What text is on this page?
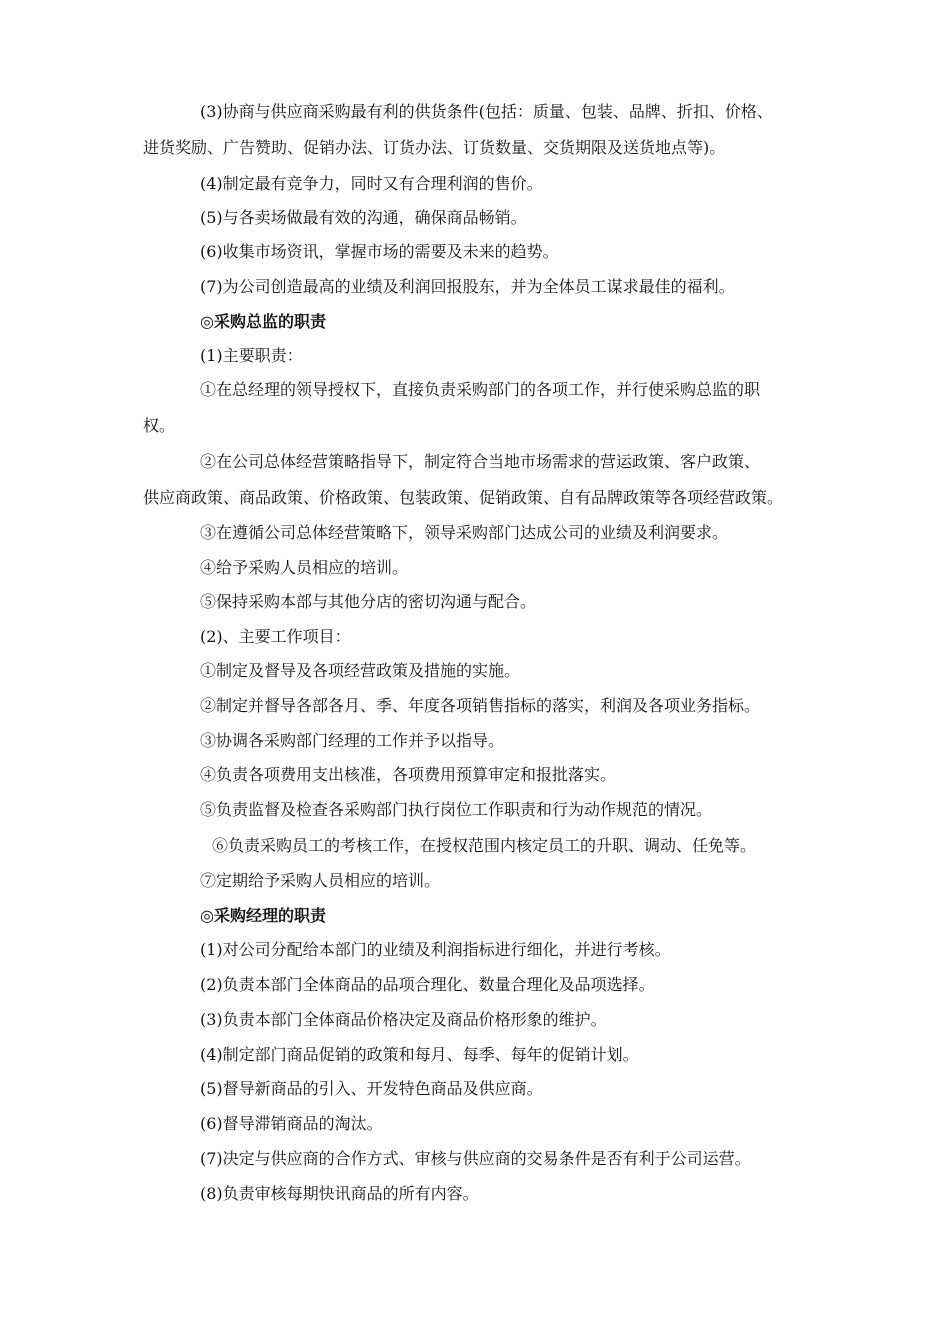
(3)协商与供应商采购最有利的供货条件(包括：质量、包装、品牌、折扣、价格、
进货奖励、广告赞助、促销办法、订货办法、订货数量、交货期限及送货地点等)。
(4)制定最有竞争力，同时又有合理利润的售价。
(5)与各卖场做最有效的沟通，确保商品畅销。
(6)收集市场资讯，掌握市场的需要及未来的趋势。
(7)为公司创造最高的业绩及利润回报股东，并为全体员工谋求最佳的福利。
◎采购总监的职责
(1)主要职责：
①在总经理的领导授权下，直接负责采购部门的各项工作，并行使采购总监的职
权。
②在公司总体经营策略指导下，制定符合当地市场需求的营运政策、客户政策、
供应商政策、商品政策、价格政策、包装政策、促销政策、自有品牌政策等各项经营政策。
③在遵循公司总体经营策略下，领导采购部门达成公司的业绩及利润要求。
④给予采购人员相应的培训。
⑤保持采购本部与其他分店的密切沟通与配合。
(2)、主要工作项目：
①制定及督导及各项经营政策及措施的实施。
②制定并督导各部各月、季、年度各项销售指标的落实，利润及各项业务指标。
③协调各采购部门经理的工作并予以指导。
④负责各项费用支出核准，各项费用预算审定和报批落实。
⑤负责监督及检查各采购部门执行岗位工作职责和行为动作规范的情况。
⑥负责采购员工的考核工作，在授权范围内核定员工的升职、调动、任免等。
⑦定期给予采购人员相应的培训。
◎采购经理的职责
(1)对公司分配给本部门的业绩及利润指标进行细化，并进行考核。
(2)负责本部门全体商品的品项合理化、数量合理化及品项选择。
(3)负责本部门全体商品价格决定及商品价格形象的维护。
(4)制定部门商品促销的政策和每月、每季、每年的促销计划。
(5)督导新商品的引入、开发特色商品及供应商。
(6)督导滞销商品的淘汰。
(7)决定与供应商的合作方式、审核与供应商的交易条件是否有利于公司运营。
(8)负责审核每期快讯商品的所有内容。
